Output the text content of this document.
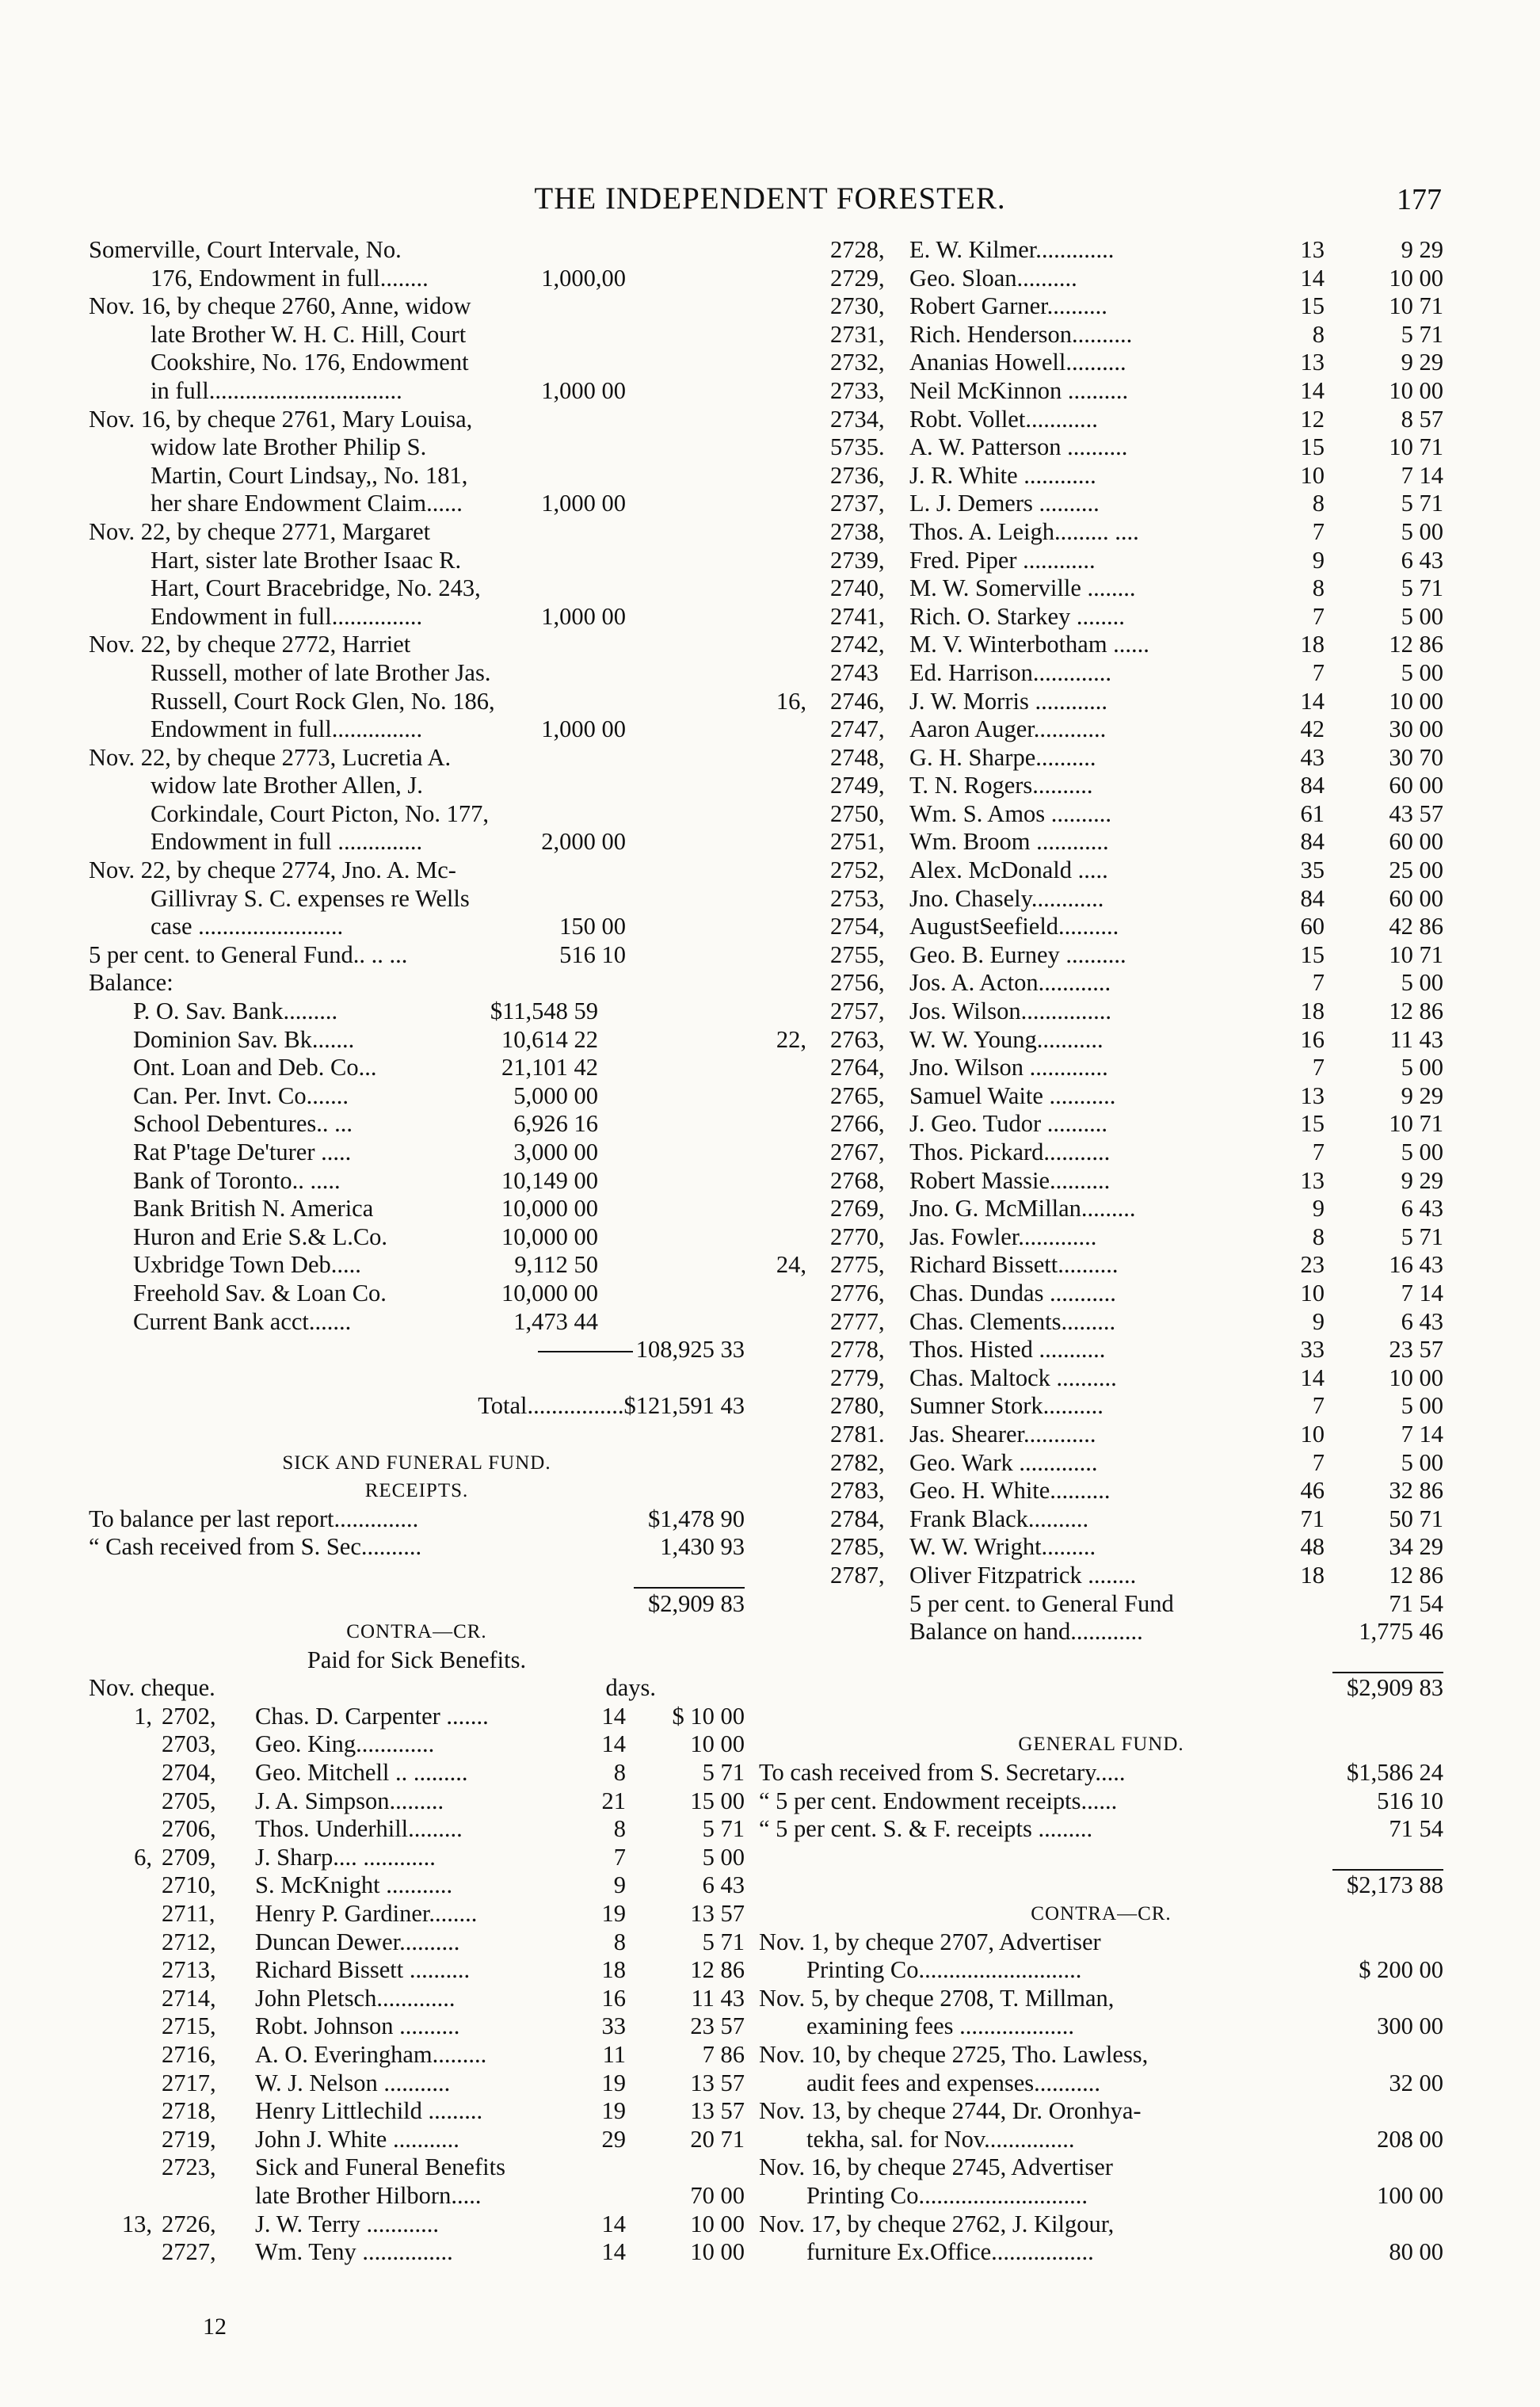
THE INDEPENDENT FORESTER.	177
Somerville, Court Intervale, No.
176, Endowment in full........	1,000,00
Nov. 16, by cheque 2760, Anne, widow
late Brother W. H. C. Hill, Court
Cookshire, No. 176, Endowment
in full................................	1,000 00
Nov. 16, by cheque 2761, Mary Louisa,
widow late Brother Philip S.
Martin, Court Lindsay,, No. 181,
her share Endowment Claim......	1,000 00
Nov. 22, by cheque 2771, Margaret
Hart, sister late Brother Isaac R.
Hart, Court Bracebridge, No. 243,
Endowment in full...............	1,000 00
Nov. 22, by cheque 2772, Harriet
Russell, mother of late Brother Jas.
Russell, Court Rock Glen, No. 186,
Endowment in full...............	1,000 00
Nov. 22, by cheque 2773, Lucretia A.
widow late Brother Allen, J.
Corkindale, Court Picton, No. 177,
Endowment in full ..............	2,000 00
Nov. 22, by cheque 2774, Jno. A. Mc-
Gillivray S. C. expenses re Wells
case ........................	150 00
5 per cent. to General Fund.. .. ...	516 10
Balance:
P. O. Sav. Bank.........	$11,548 59
Dominion Sav. Bk.......	10,614 22
Ont. Loan and Deb. Co...	21,101 42
Can. Per. Invt. Co.......	5,000 00
School Debentures.. ...	6,926 16
Rat P'tage De'turer .....	3,000 00
Bank of Toronto.. .....	10,149 00
Bank British N. America	10,000 00
Huron and Erie S.& L.Co.	10,000 00
Uxbridge Town Deb.....	9,112 50
Freehold Sav. & Loan Co.	10,000 00
Current Bank acct.......	1,473 44
108,925 33
Total................$121,591 43
SICK AND FUNERAL FUND.
RECEIPTS.
To balance per last report..............	$1,478 90
“ Cash received from S. Sec..........	1,430 93
$2,909 83
CONTRA—CR.
Paid for Sick Benefits.
Nov. cheque.	days.
1, 2702, Chas. D. Carpenter .......	14 $ 10 00
2703, Geo. King.............	14	10 00
2704, Geo. Mitchell .. .........	8	5 71
2705, J. A. Simpson.........	21	15 00
2706, Thos. Underhill.........	8	5 71
6, 2709, J. Sharp.... ............	7	5 00
2710, S. McKnight ...........	9	6 43
2711, Henry P. Gardiner........	19	13 57
2712, Duncan Dewer..........	8	5 71
2713, Richard Bissett ..........	18	12 86
2714, John Pletsch.............	16	11 43
2715, Robt. Johnson ..........	33	23 57
2716, A. O. Everingham.........	11	7 86
2717, W. J. Nelson ...........	19	13 57
2718, Henry Littlechild .........	19	13 57
2719, John J. White ...........	29	20 71
2723, Sick and Funeral Benefits
late Brother Hilborn.....	70 00
13, 2726, J. W. Terry ............	14	10 00
2727, Wm. Teny ...............	14	10 00
2728, E. W. Kilmer.............	13	9 29
2729, Geo. Sloan..........	14	10 00
2730, Robert Garner..........	15	10 71
2731, Rich. Henderson..........	8	5 71
2732, Ananias Howell..........	13	9 29
2733, Neil McKinnon ..........	14	10 00
2734, Robt. Vollet............	12	8 57
5735. A. W. Patterson ..........	15	10 71
2736, J. R. White ............	10	7 14
2737, L. J. Demers ..........	8	5 71
2738, Thos. A. Leigh......... ....	7	5 00
2739, Fred. Piper ............	9	6 43
2740, M. W. Somerville ........	8	5 71
2741, Rich. O. Starkey ........	7	5 00
2742, M. V. Winterbotham ......	18	12 86
2743 Ed. Harrison.............	7	5 00
16, 2746, J. W. Morris ............	14	10 00
2747, Aaron Auger............	42	30 00
2748, G. H. Sharpe..........	43	30 70
2749, T. N. Rogers..........	84	60 00
2750, Wm. S. Amos ..........	61	43 57
2751, Wm. Broom ............	84	60 00
2752, Alex. McDonald .....	35	25 00
2753, Jno. Chasely............	84	60 00
2754, AugustSeefield..........	60	42 86
2755, Geo. B. Eurney ..........	15	10 71
2756, Jos. A. Acton............	7	5 00
2757, Jos. Wilson...............	18	12 86
22, 2763, W. W. Young...........	16	11 43
2764, Jno. Wilson .............	7	5 00
2765, Samuel Waite ...........	13	9 29
2766, J. Geo. Tudor ..........	15	10 71
2767, Thos. Pickard...........	7	5 00
2768, Robert Massie..........	13	9 29
2769, Jno. G. McMillan.........	9	6 43
2770, Jas. Fowler.............	8	5 71
24, 2775, Richard Bissett..........	23	16 43
2776, Chas. Dundas ...........	10	7 14
2777, Chas. Clements.........	9	6 43
2778, Thos. Histed ...........	33	23 57
2779, Chas. Maltock ..........	14	10 00
2780, Sumner Stork..........	7	5 00
2781. Jas. Shearer............	10	7 14
2782, Geo. Wark .............	7	5 00
2783, Geo. H. White..........	46	32 86
2784, Frank Black..........	71	50 71
2785, W. W. Wright.........	48	34 29
2787, Oliver Fitzpatrick ........	18	12 86
5 per cent. to General Fund	71 54
Balance on hand............	1,775 46
$2,909 83
GENERAL FUND.
To cash received from S. Secretary.....	$1,586 24
“ 5 per cent. Endowment receipts......	516 10
“ 5 per cent. S. & F. receipts .........	71 54
$2,173 88
CONTRA—CR.
Nov. 1, by cheque 2707, Advertiser
Printing Co...........................	$ 200 00
Nov. 5, by cheque 2708, T. Millman,
examining fees ...................	300 00
Nov. 10, by cheque 2725, Tho. Lawless,
audit fees and expenses...........	32 00
Nov. 13, by cheque 2744, Dr. Oronhya-
tekha, sal. for Nov...............	208 00
Nov. 16, by cheque 2745, Advertiser
Printing Co............................	100 00
Nov. 17, by cheque 2762, J. Kilgour,
furniture Ex.Office.................	80 00
12
